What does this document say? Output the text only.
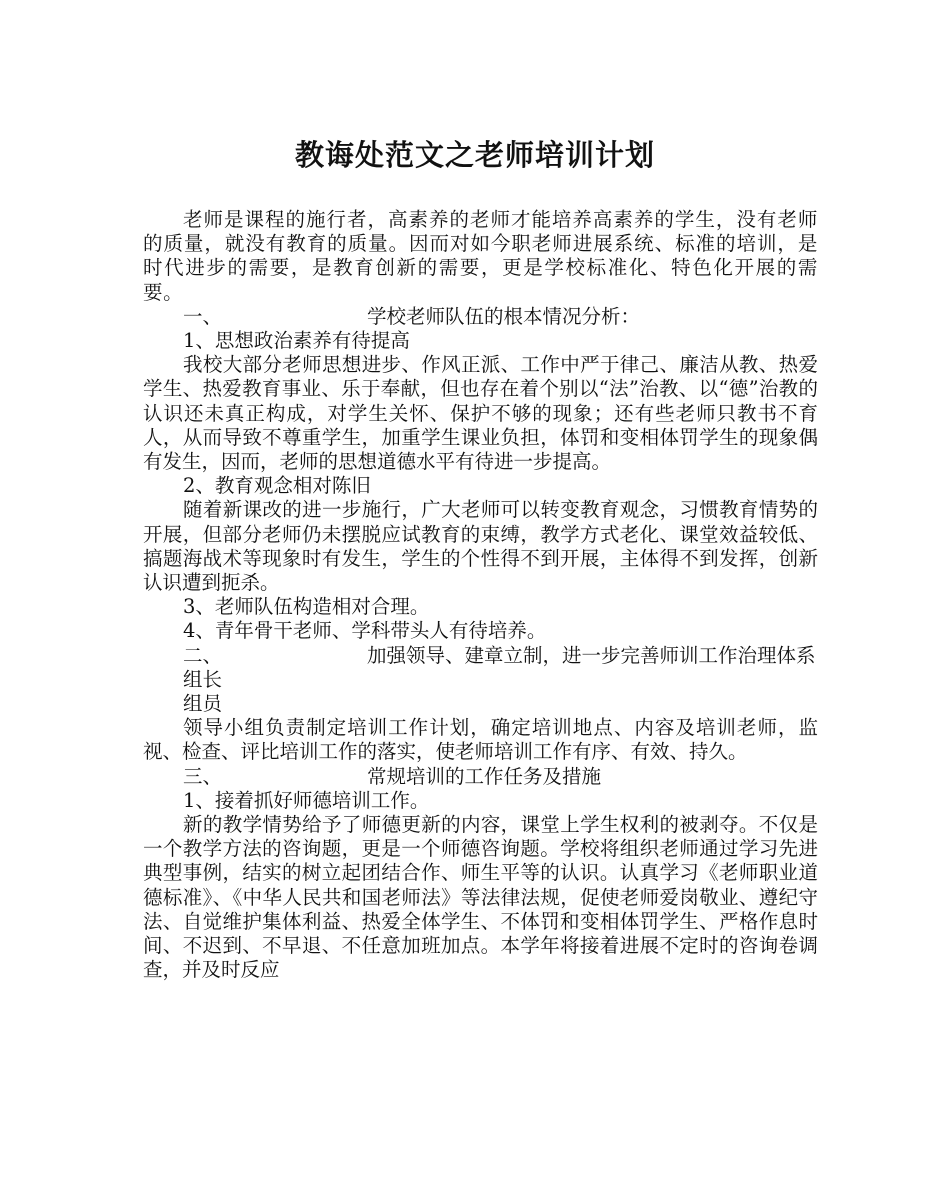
教诲处范文之老师培训计划

老师是课程的施行者，高素养的老师才能培养高素养的学生，没有老师的质量，就没有教育的质量。因而对如今职老师进展系统、标准的培训，是时代进步的需要，是教育创新的需要，更是学校标准化、特色化开展的需要。

一、	学校老师队伍的根本情况分析：

1、思想政治素养有待提高

我校大部分老师思想进步、作风正派、工作中严于律己、廉洁从教、热爱学生、热爱教育事业、乐于奉献，但也存在着个别以“法”治教、以“德”治教的认识还未真正构成，对学生关怀、保护不够的现象；还有些老师只教书不育人，从而导致不尊重学生，加重学生课业负担，体罚和变相体罚学生的现象偶有发生，因而，老师的思想道德水平有待进一步提高。

2、教育观念相对陈旧

随着新课改的进一步施行，广大老师可以转变教育观念，习惯教育情势的开展，但部分老师仍未摆脱应试教育的束缚，教学方式老化、课堂效益较低、搞题海战术等现象时有发生，学生的个性得不到开展，主体得不到发挥，创新认识遭到扼杀。

3、老师队伍构造相对合理。

4、青年骨干老师、学科带头人有待培养。

二、	加强领导、建章立制，进一步完善师训工作治理体系

组长

组员

领导小组负责制定培训工作计划，确定培训地点、内容及培训老师，监视、检查、评比培训工作的落实，使老师培训工作有序、有效、持久。

三、	常规培训的工作任务及措施

1、接着抓好师德培训工作。

新的教学情势给予了师德更新的内容，课堂上学生权利的被剥夺。不仅是一个教学方法的咨询题，更是一个师德咨询题。学校将组织老师通过学习先进典型事例，结实的树立起团结合作、师生平等的认识。认真学习《老师职业道德标准》、《中华人民共和国老师法》等法律法规，促使老师爱岗敬业、遵纪守法、自觉维护集体利益、热爱全体学生、不体罚和变相体罚学生、严格作息时间、不迟到、不早退、不任意加班加点。本学年将接着进展不定时的咨询卷调查，并及时反应
